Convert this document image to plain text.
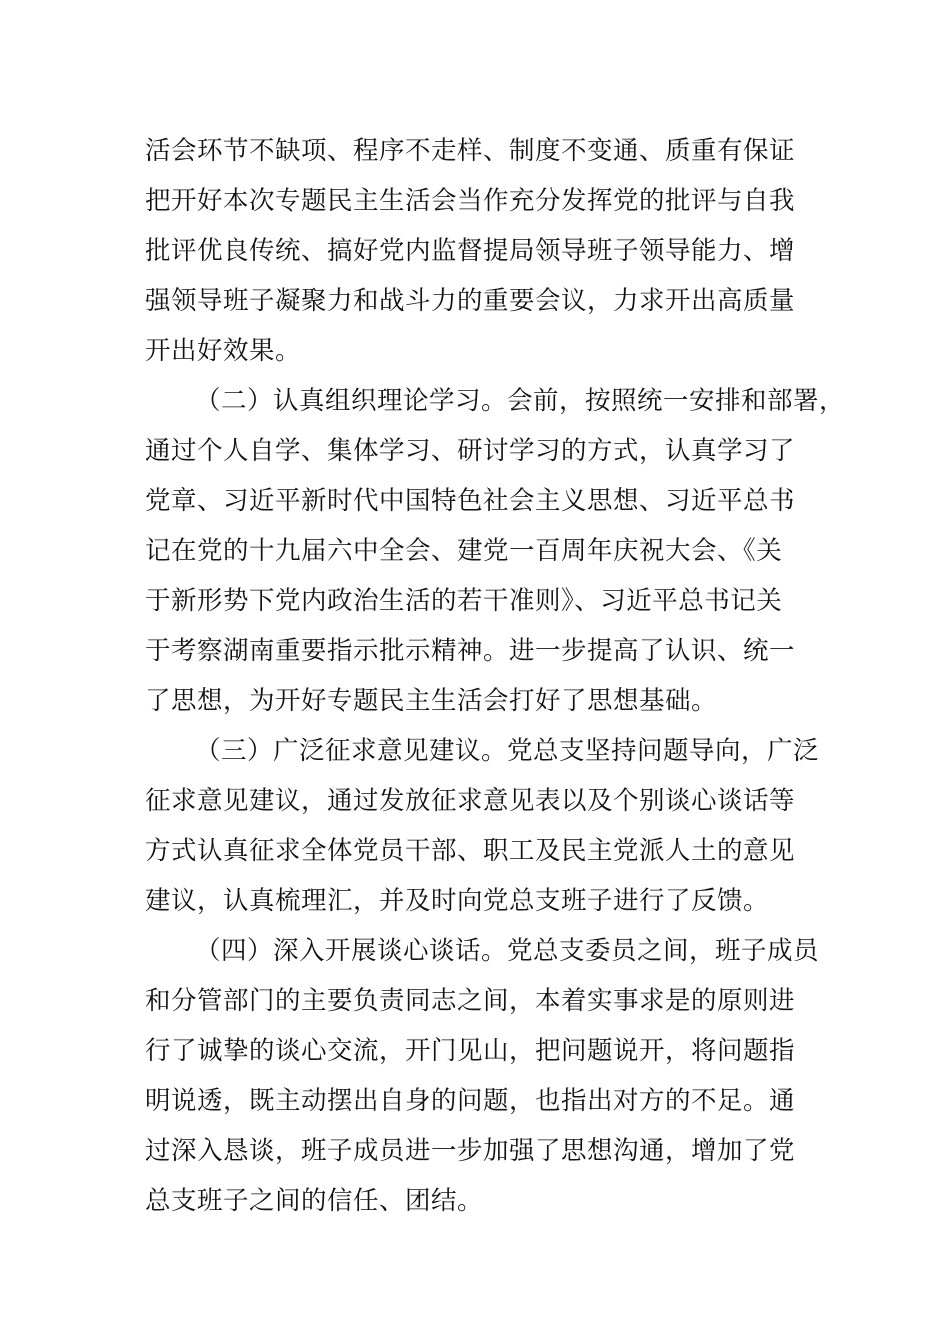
活会环节不缺项、程序不走样、制度不变通、质重有保证
把开好本次专题民主生活会当作充分发挥党的批评与自我
批评优良传统、搞好党内监督提局领导班子领导能力、增
强领导班子凝聚力和战斗力的重要会议，力求开出高质量
开出好效果。
（二）认真组织理论学习。会前，按照统一安排和部署，
通过个人自学、集体学习、研讨学习的方式，认真学习了
党章、习近平新时代中国特色社会主义思想、习近平总书
记在党的十九届六中全会、建党一百周年庆祝大会、《关
于新形势下党内政治生活的若干准则》、习近平总书记关
于考察湖南重要指示批示精神。进一步提高了认识、统一
了思想，为开好专题民主生活会打好了思想基础。
（三）广泛征求意见建议。党总支坚持问题导向，广泛
征求意见建议，通过发放征求意见表以及个别谈心谈话等
方式认真征求全体党员干部、职工及民主党派人土的意见
建议，认真梳理汇，并及时向党总支班子进行了反馈。
（四）深入开展谈心谈话。党总支委员之间，班子成员
和分管部门的主要负责同志之间，本着实事求是的原则进
行了诚挚的谈心交流，开门见山，把问题说开，将问题指
明说透，既主动摆出自身的问题，也指出对方的不足。通
过深入恳谈，班子成员进一步加强了思想沟通，增加了党
总支班子之间的信任、团结。
